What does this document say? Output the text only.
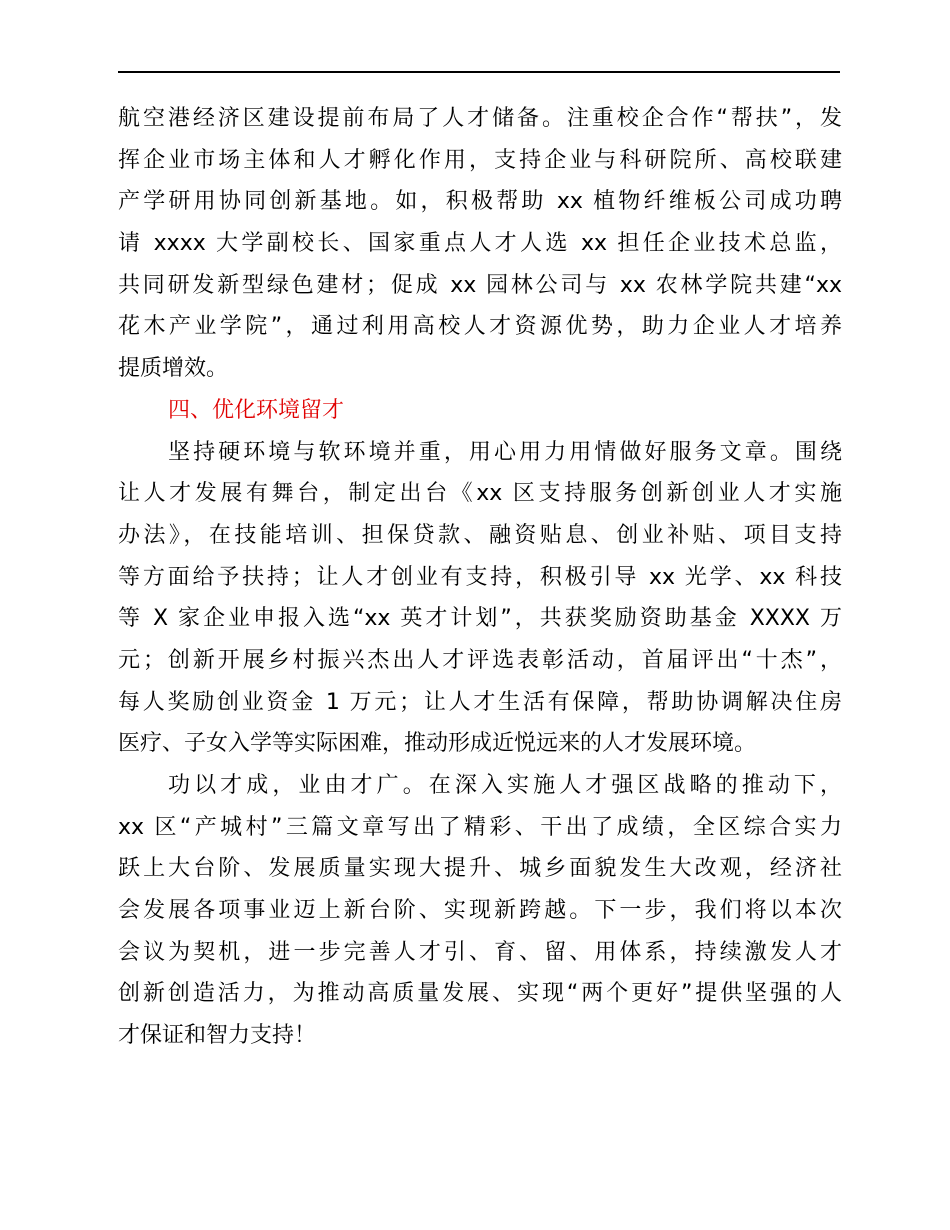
航空港经济区建设提前布局了人才储备。注重校企合作“帮扶”，发
挥企业市场主体和人才孵化作用，支持企业与科研院所、高校联建
产学研用协同创新基地。如，积极帮助 xx 植物纤维板公司成功聘
请 xxxx 大学副校长、国家重点人才人选 xx 担任企业技术总监，
共同研发新型绿色建材；促成 xx 园林公司与 xx 农林学院共建“xx
花木产业学院”，通过利用高校人才资源优势，助力企业人才培养
提质增效。
四、优化环境留才
坚持硬环境与软环境并重，用心用力用情做好服务文章。围绕
让人才发展有舞台，制定出台《xx 区支持服务创新创业人才实施
办法》，在技能培训、担保贷款、融资贴息、创业补贴、项目支持
等方面给予扶持；让人才创业有支持，积极引导 xx 光学、xx 科技
等 X 家企业申报入选“xx 英才计划”，共获奖励资助基金 XXXX 万
元；创新开展乡村振兴杰出人才评选表彰活动，首届评出“十杰”，
每人奖励创业资金 1 万元；让人才生活有保障，帮助协调解决住房
医疗、子女入学等实际困难，推动形成近悦远来的人才发展环境。
功以才成，业由才广。在深入实施人才强区战略的推动下，
xx 区“产城村”三篇文章写出了精彩、干出了成绩，全区综合实力
跃上大台阶、发展质量实现大提升、城乡面貌发生大改观，经济社
会发展各项事业迈上新台阶、实现新跨越。下一步，我们将以本次
会议为契机，进一步完善人才引、育、留、用体系，持续激发人才
创新创造活力，为推动高质量发展、实现“两个更好”提供坚强的人
才保证和智力支持！
